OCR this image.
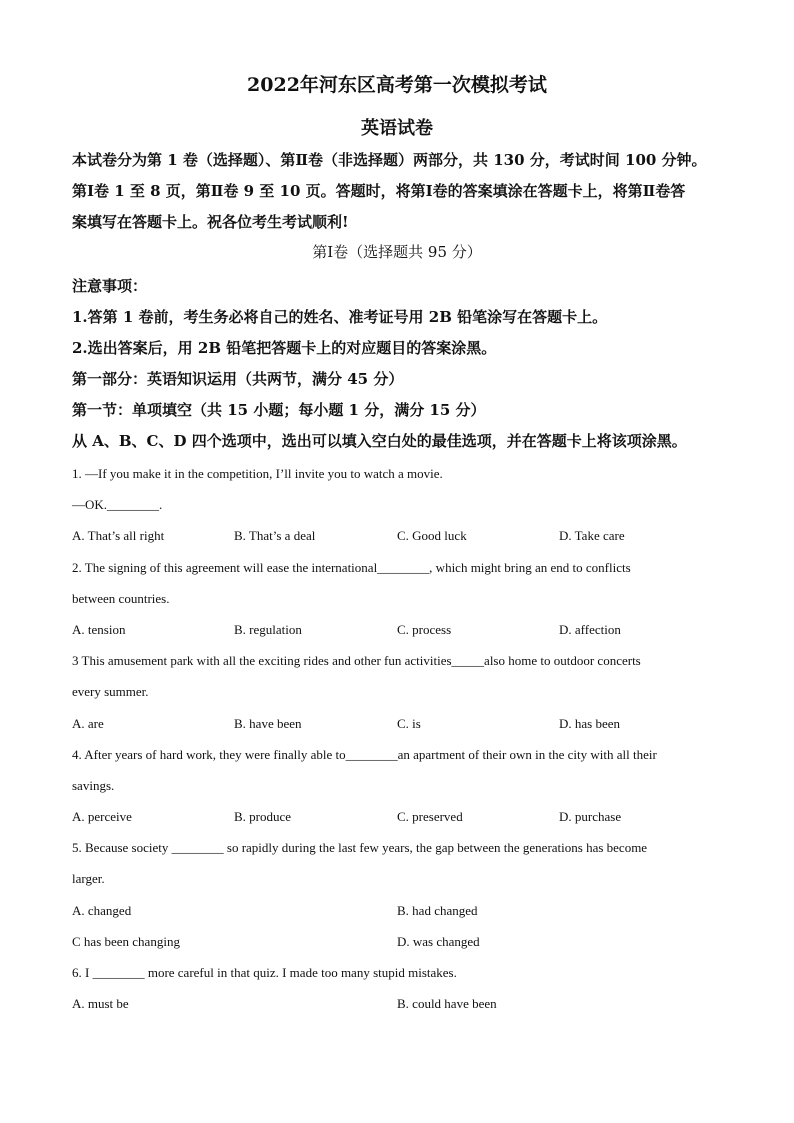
2022年河东区高考第一次模拟考试
英语试卷

本试卷分为第 1 卷（选择题）、第Ⅱ卷（非选择题）两部分，共 130 分，考试时间 100 分钟。

第Ⅰ卷 1 至 8 页，第Ⅱ卷 9 至 10 页。答题时，将第Ⅰ卷的答案填涂在答题卡上，将第Ⅱ卷答

案填写在答题卡上。祝各位考生考试顺利!

第Ⅰ卷（选择题共 95 分）

注意事项：

1.答第 1 卷前，考生务必将自己的姓名、准考证号用 2B 铅笔涂写在答题卡上。

2.选出答案后，用 2B 铅笔把答题卡上的对应题目的答案涂黑。

第一部分：英语知识运用（共两节，满分 45 分）

第一节：单项填空（共 15 小题；每小题 1 分，满分 15 分）

从 A、B、C、D 四个选项中，选出可以填入空白处的最佳选项，并在答题卡上将该项涂黑。

1. —If you make it in the competition, I’ll invite you to watch a movie.
—OK.________.
A. That’s all right	B. That’s a deal	C. Good luck	D. Take care
2. The signing of this agreement will ease the international________, which might bring an end to conflicts
between countries.
A. tension	B. regulation	C. process	D. affection
3 This amusement park with all the exciting rides and other fun activities_____also home to outdoor concerts
every summer.
A. are	B. have been	C. is	D. has been
4. After years of hard work, they were finally able to________an apartment of their own in the city with all their
savings.
A. perceive	B. produce	C. preserved	D. purchase
5. Because society ________ so rapidly during the last few years, the gap between the generations has become
larger.
A. changed	B. had changed
C has been changing	D. was changed
6. I ________ more careful in that quiz. I made too many stupid mistakes.
A. must be	B. could have been
